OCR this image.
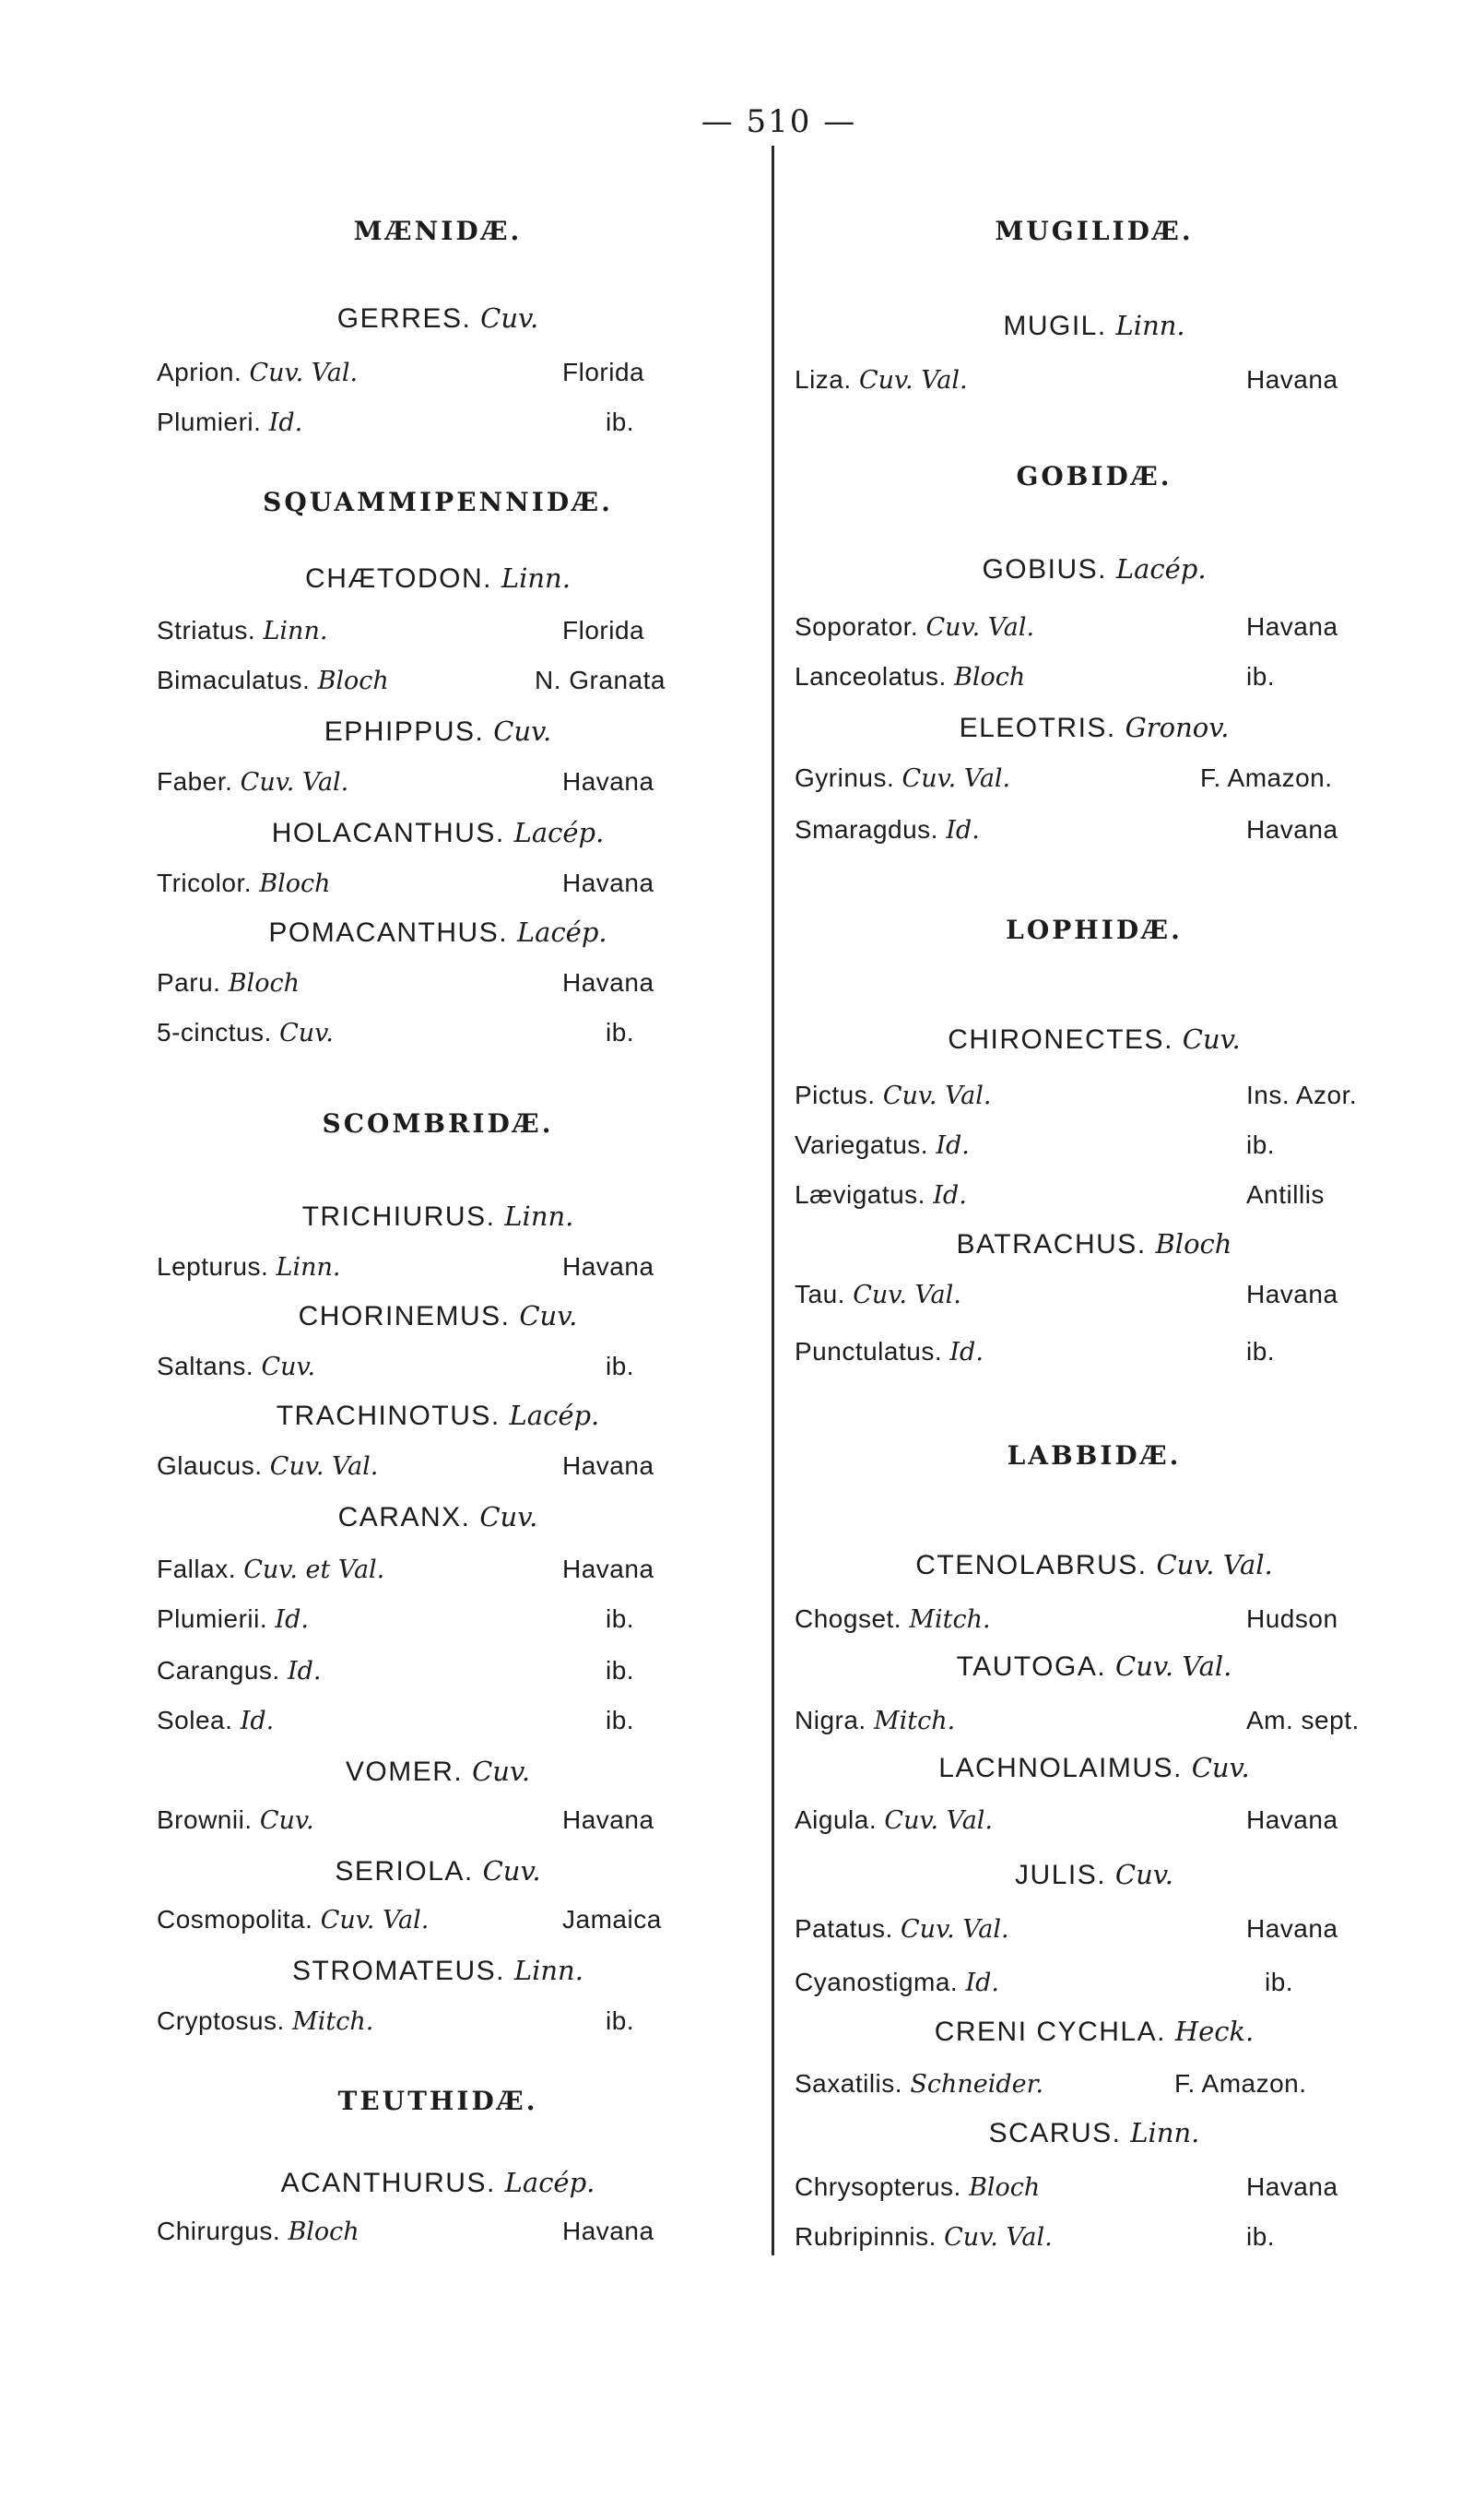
— 510 —
MÆNIDÆ.
GERRES. Cuv.
Aprion. Cuv. Val.	Florida
Plumieri. Id.	ib.
SQUAMMIPENNIDÆ.
CHÆTODON. Linn.
Striatus. Linn.	Florida
Bimaculatus. Bloch	N. Granata
EPHIPPUS. Cuv.
Faber. Cuv. Val.	Havana
HOLACANTHUS. Lacép.
Tricolor. Bloch	Havana
POMACANTHUS. Lacép.
Paru. Bloch	Havana
5-cinctus. Cuv.	ib.
SCOMBRIDÆ.
TRICHIURUS. Linn.
Lepturus. Linn.	Havana
CHORINEMUS. Cuv.
Saltans. Cuv.	ib.
TRACHINOTUS. Lacép.
Glaucus. Cuv. Val.	Havana
CARANX. Cuv.
Fallax. Cuv. et Val.	Havana
Plumierii. Id.	ib.
Carangus. Id.	ib.
Solea. Id.	ib.
VOMER. Cuv.
Brownii. Cuv.	Havana
SERIOLA. Cuv.
Cosmopolita. Cuv. Val.	Jamaica
STROMATEUS. Linn.
Cryptosus. Mitch.	ib.
TEUTHIDÆ.
ACANTHURUS. Lacép.
Chirurgus. Bloch	Havana
MUGILIDÆ.
MUGIL. Linn.
Liza. Cuv. Val.	Havana
GOBIDÆ.
GOBIUS. Lacép.
Soporator. Cuv. Val.	Havana
Lanceolatus. Bloch	ib.
ELEOTRIS. Gronov.
Gyrinus. Cuv. Val.	F. Amazon.
Smaragdus. Id.	Havana
LOPHIDÆ.
CHIRONECTES. Cuv.
Pictus. Cuv. Val.	Ins. Azor.
Variegatus. Id.	ib.
Lævigatus. Id.	Antillis
BATRACHUS. Bloch
Tau. Cuv. Val.	Havana
Punctulatus. Id.	ib.
LABBIDÆ.
CTENOLABRUS. Cuv. Val.
Chogset. Mitch.	Hudson
TAUTOGA. Cuv. Val.
Nigra. Mitch.	Am. sept.
LACHNOLAIMUS. Cuv.
Aigula. Cuv. Val.	Havana
JULIS. Cuv.
Patatus. Cuv. Val.	Havana
Cyanostigma. Id.	ib.
CRENI CYCHLA. Heck.
Saxatilis. Schneider.	F. Amazon.
SCARUS. Linn.
Chrysopterus. Bloch	Havana
Rubripinnis. Cuv. Val.	ib.
